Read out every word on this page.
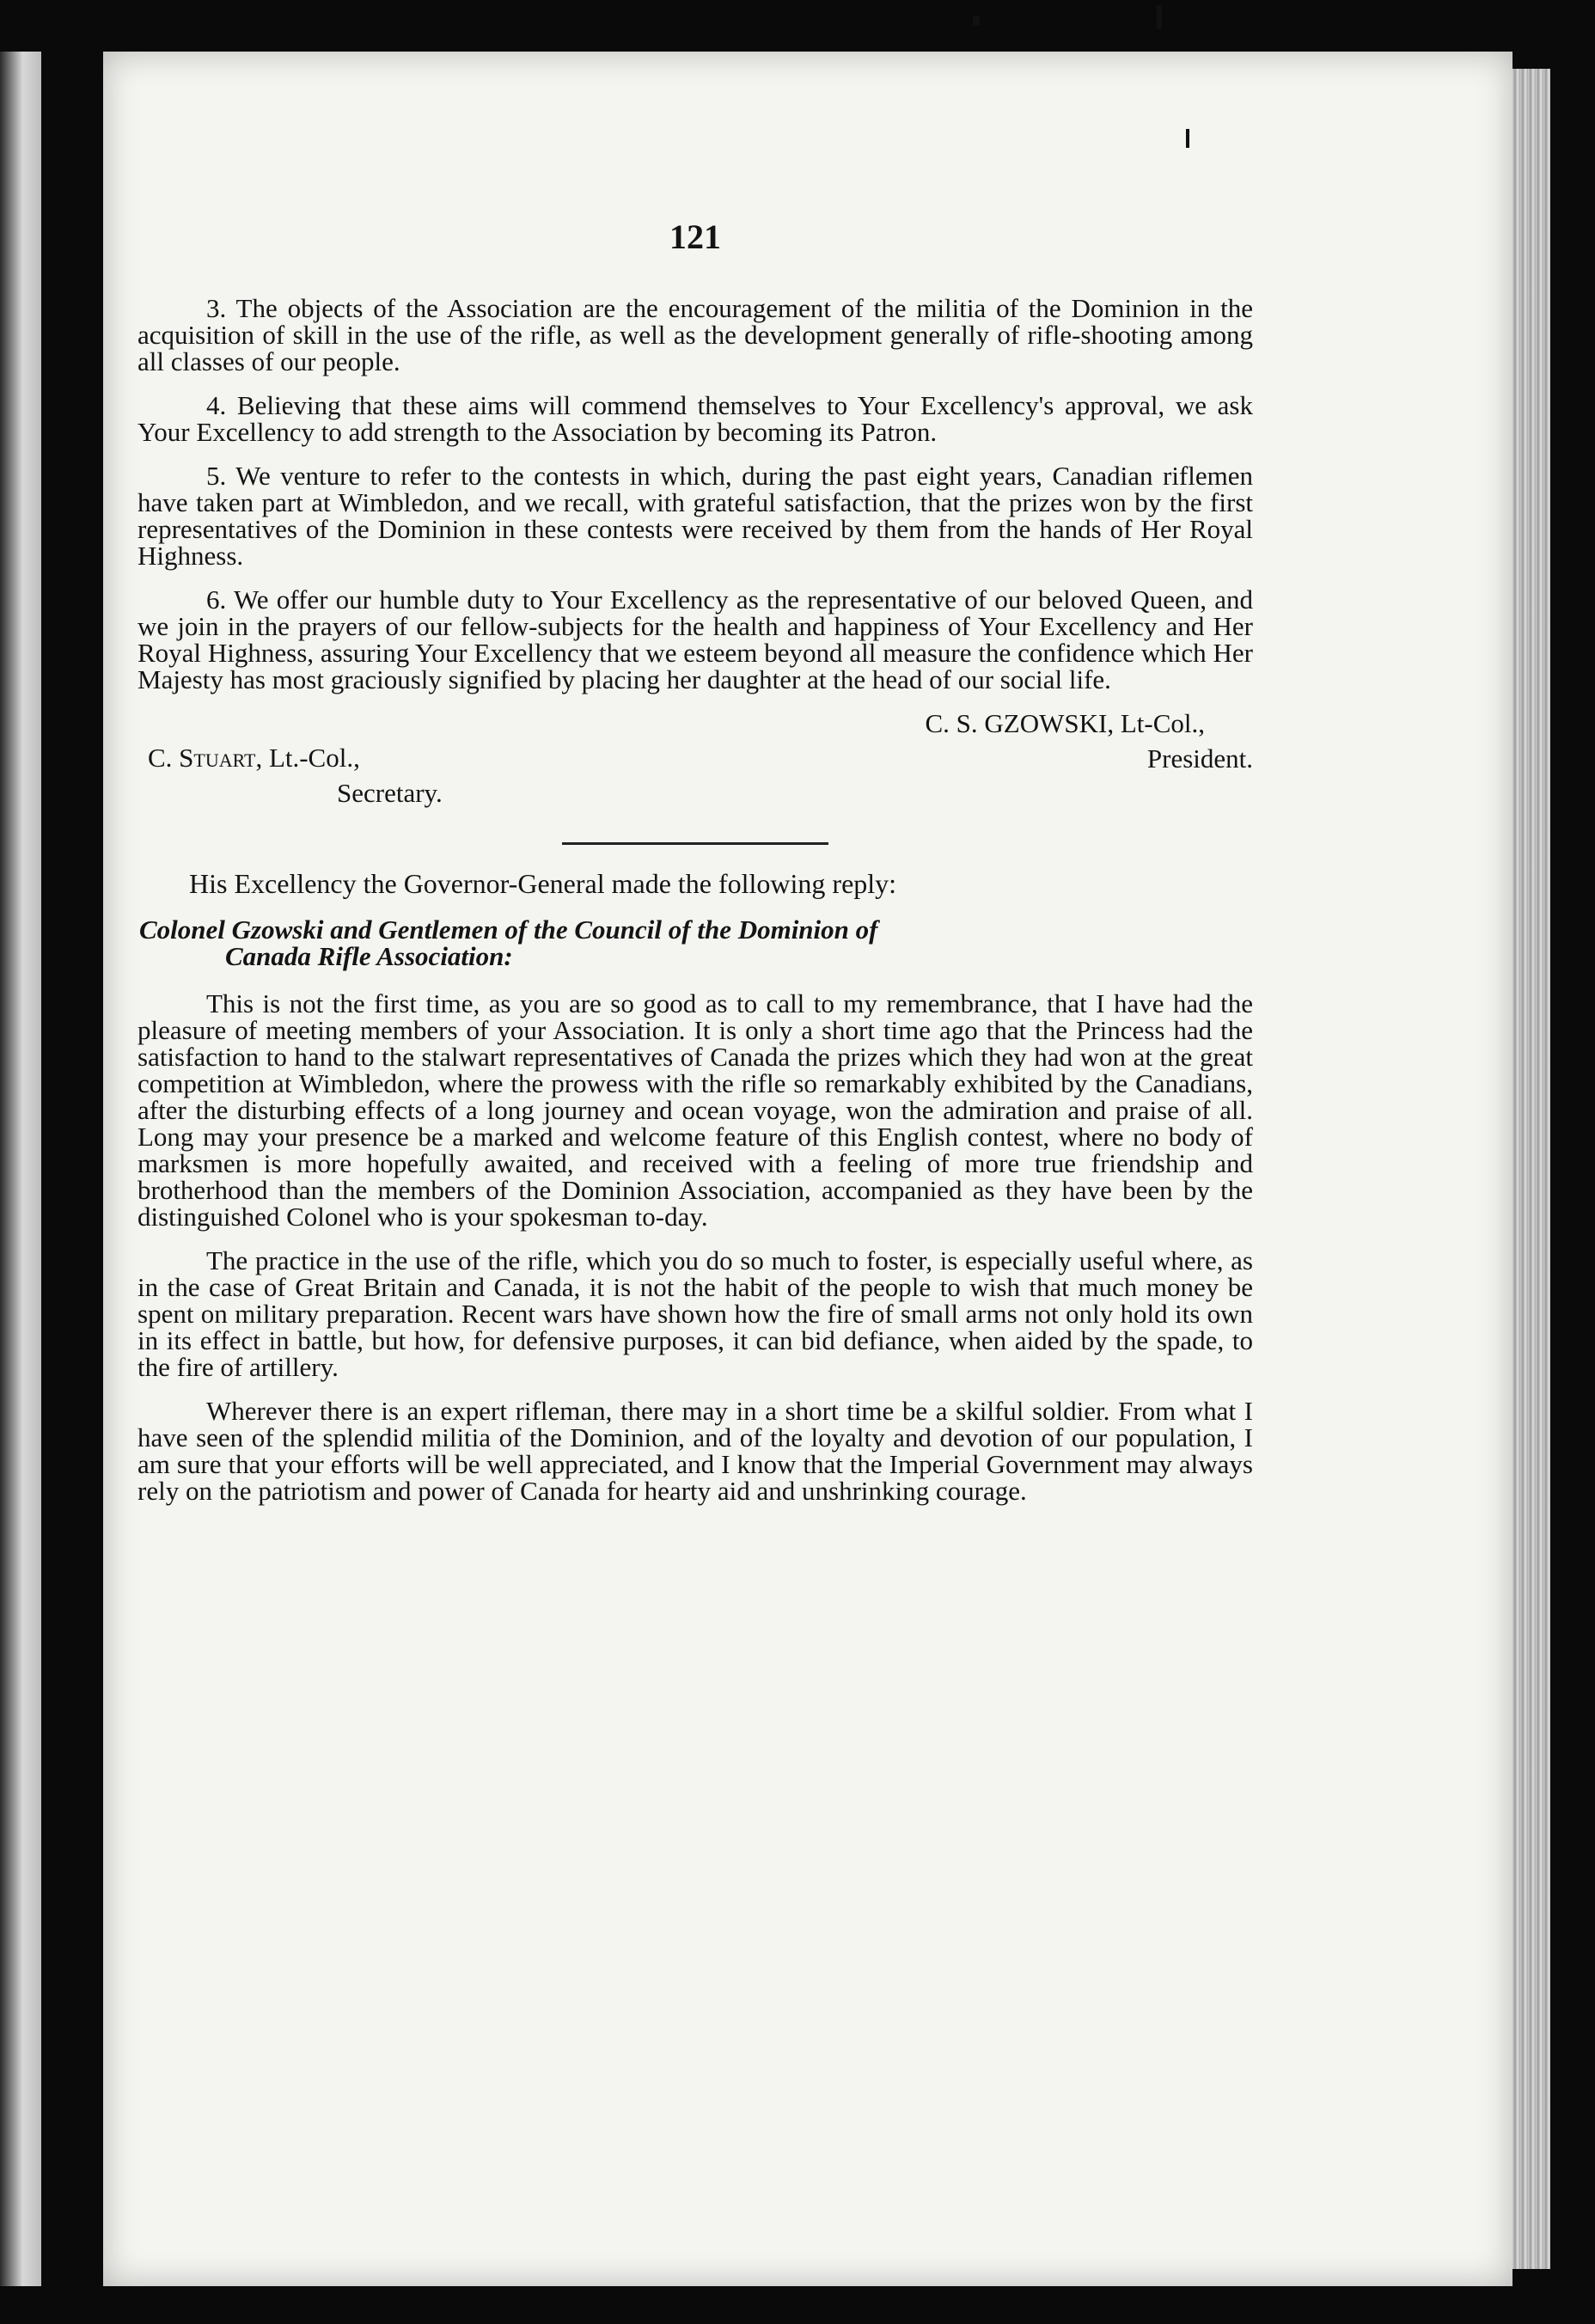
121

3. The objects of the Association are the encouragement of the militia of the Dominion in the acquisition of skill in the use of the rifle, as well as the development generally of rifle-shooting among all classes of our people.

4. Believing that these aims will commend themselves to Your Excellency's approval, we ask Your Excellency to add strength to the Association by becoming its Patron.

5. We venture to refer to the contests in which, during the past eight years, Canadian riflemen have taken part at Wimbledon, and we recall, with grateful satisfaction, that the prizes won by the first representatives of the Dominion in these contests were received by them from the hands of Her Royal Highness.

6. We offer our humble duty to Your Excellency as the representative of our beloved Queen, and we join in the prayers of our fellow-subjects for the health and happiness of Your Excellency and Her Royal Highness, assuring Your Excellency that we esteem beyond all measure the confidence which Her Majesty has most graciously signified by placing her daughter at the head of our social life.

C. S. GZOWSKI, Lt-Col.,
President.
C. Stuart, Lt.-Col.,
Secretary.

His Excellency the Governor-General made the following reply:

Colonel Gzowski and Gentlemen of the Council of the Dominion of
Canada Rifle Association:

This is not the first time, as you are so good as to call to my remembrance, that I have had the pleasure of meeting members of your Association. It is only a short time ago that the Princess had the satisfaction to hand to the stalwart representatives of Canada the prizes which they had won at the great competition at Wimbledon, where the prowess with the rifle so remarkably exhibited by the Canadians, after the disturbing effects of a long journey and ocean voyage, won the admiration and praise of all. Long may your presence be a marked and welcome feature of this English contest, where no body of marksmen is more hopefully awaited, and received with a feeling of more true friendship and brotherhood than the members of the Dominion Association, accompanied as they have been by the distinguished Colonel who is your spokesman to-day.

The practice in the use of the rifle, which you do so much to foster, is especially useful where, as in the case of Great Britain and Canada, it is not the habit of the people to wish that much money be spent on military preparation. Recent wars have shown how the fire of small arms not only hold its own in its effect in battle, but how, for defensive purposes, it can bid defiance, when aided by the spade, to the fire of artillery.

Wherever there is an expert rifleman, there may in a short time be a skilful soldier. From what I have seen of the splendid militia of the Dominion, and of the loyalty and devotion of our population, I am sure that your efforts will be well appreciated, and I know that the Imperial Government may always rely on the patriotism and power of Canada for hearty aid and unshrinking courage.
